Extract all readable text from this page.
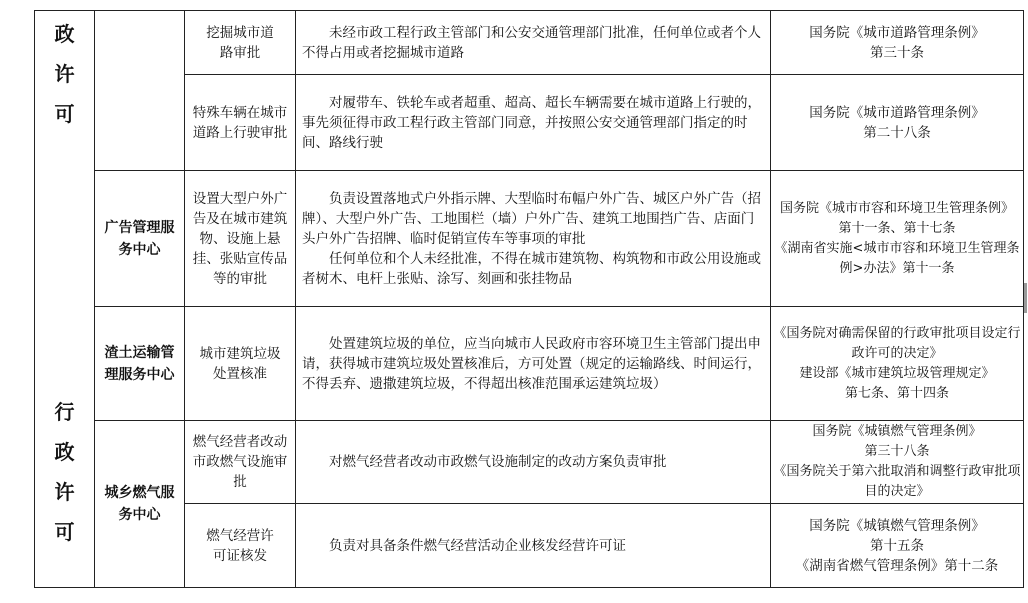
政
许
可
行
政
许
可
广告管理服务中心
渣土运输管理服务中心
城乡燃气服务中心
挖掘城市道路审批

未经市政工程行政主管部门和公安交通管理部门批准，任何单位或者个人不得占用或者挖掘城市道路

国务院《城市道路管理条例》

第三十条

特殊车辆在城市道路上行驶审批

对履带车、铁轮车或者超重、超高、超长车辆需要在城市道路上行驶的，事先须征得市政工程行政主管部门同意，并按照公安交通管理部门指定的时间、路线行驶

国务院《城市道路管理条例》

第二十八条

设置大型户外广告及在城市建筑物、设施上悬挂、张贴宣传品等的审批

负责设置落地式户外指示牌、大型临时布幅户外广告、城区户外广告（招牌）、大型户外广告、工地围栏（墙）户外广告、建筑工地围挡广告、店面门头户外广告招牌、临时促销宣传车等事项的审批

任何单位和个人未经批准，不得在城市建筑物、构筑物和市政公用设施或者树木、电杆上张贴、涂写、刻画和张挂物品

国务院《城市市容和环境卫生管理条例》

第十一条、第十七条

《湖南省实施<城市市容和环境卫生管理条例>办法》第十一条

城市建筑垃圾处置核准

处置建筑垃圾的单位，应当向城市人民政府市容环境卫生主管部门提出申请，获得城市建筑垃圾处置核准后，方可处置（规定的运输路线、时间运行，不得丢弃、遗撒建筑垃圾，不得超出核准范围承运建筑垃圾）

《国务院对确需保留的行政审批项目设定行政许可的决定》

建设部《城市建筑垃圾管理规定》

第七条、第十四条

燃气经营者改动市政燃气设施审批

对燃气经营者改动市政燃气设施制定的改动方案负责审批

国务院《城镇燃气管理条例》

第三十八条

《国务院关于第六批取消和调整行政审批项目的决定》

燃气经营许可证核发

负责对具备条件燃气经营活动企业核发经营许可证

国务院《城镇燃气管理条例》

第十五条

《湖南省燃气管理条例》第十二条
